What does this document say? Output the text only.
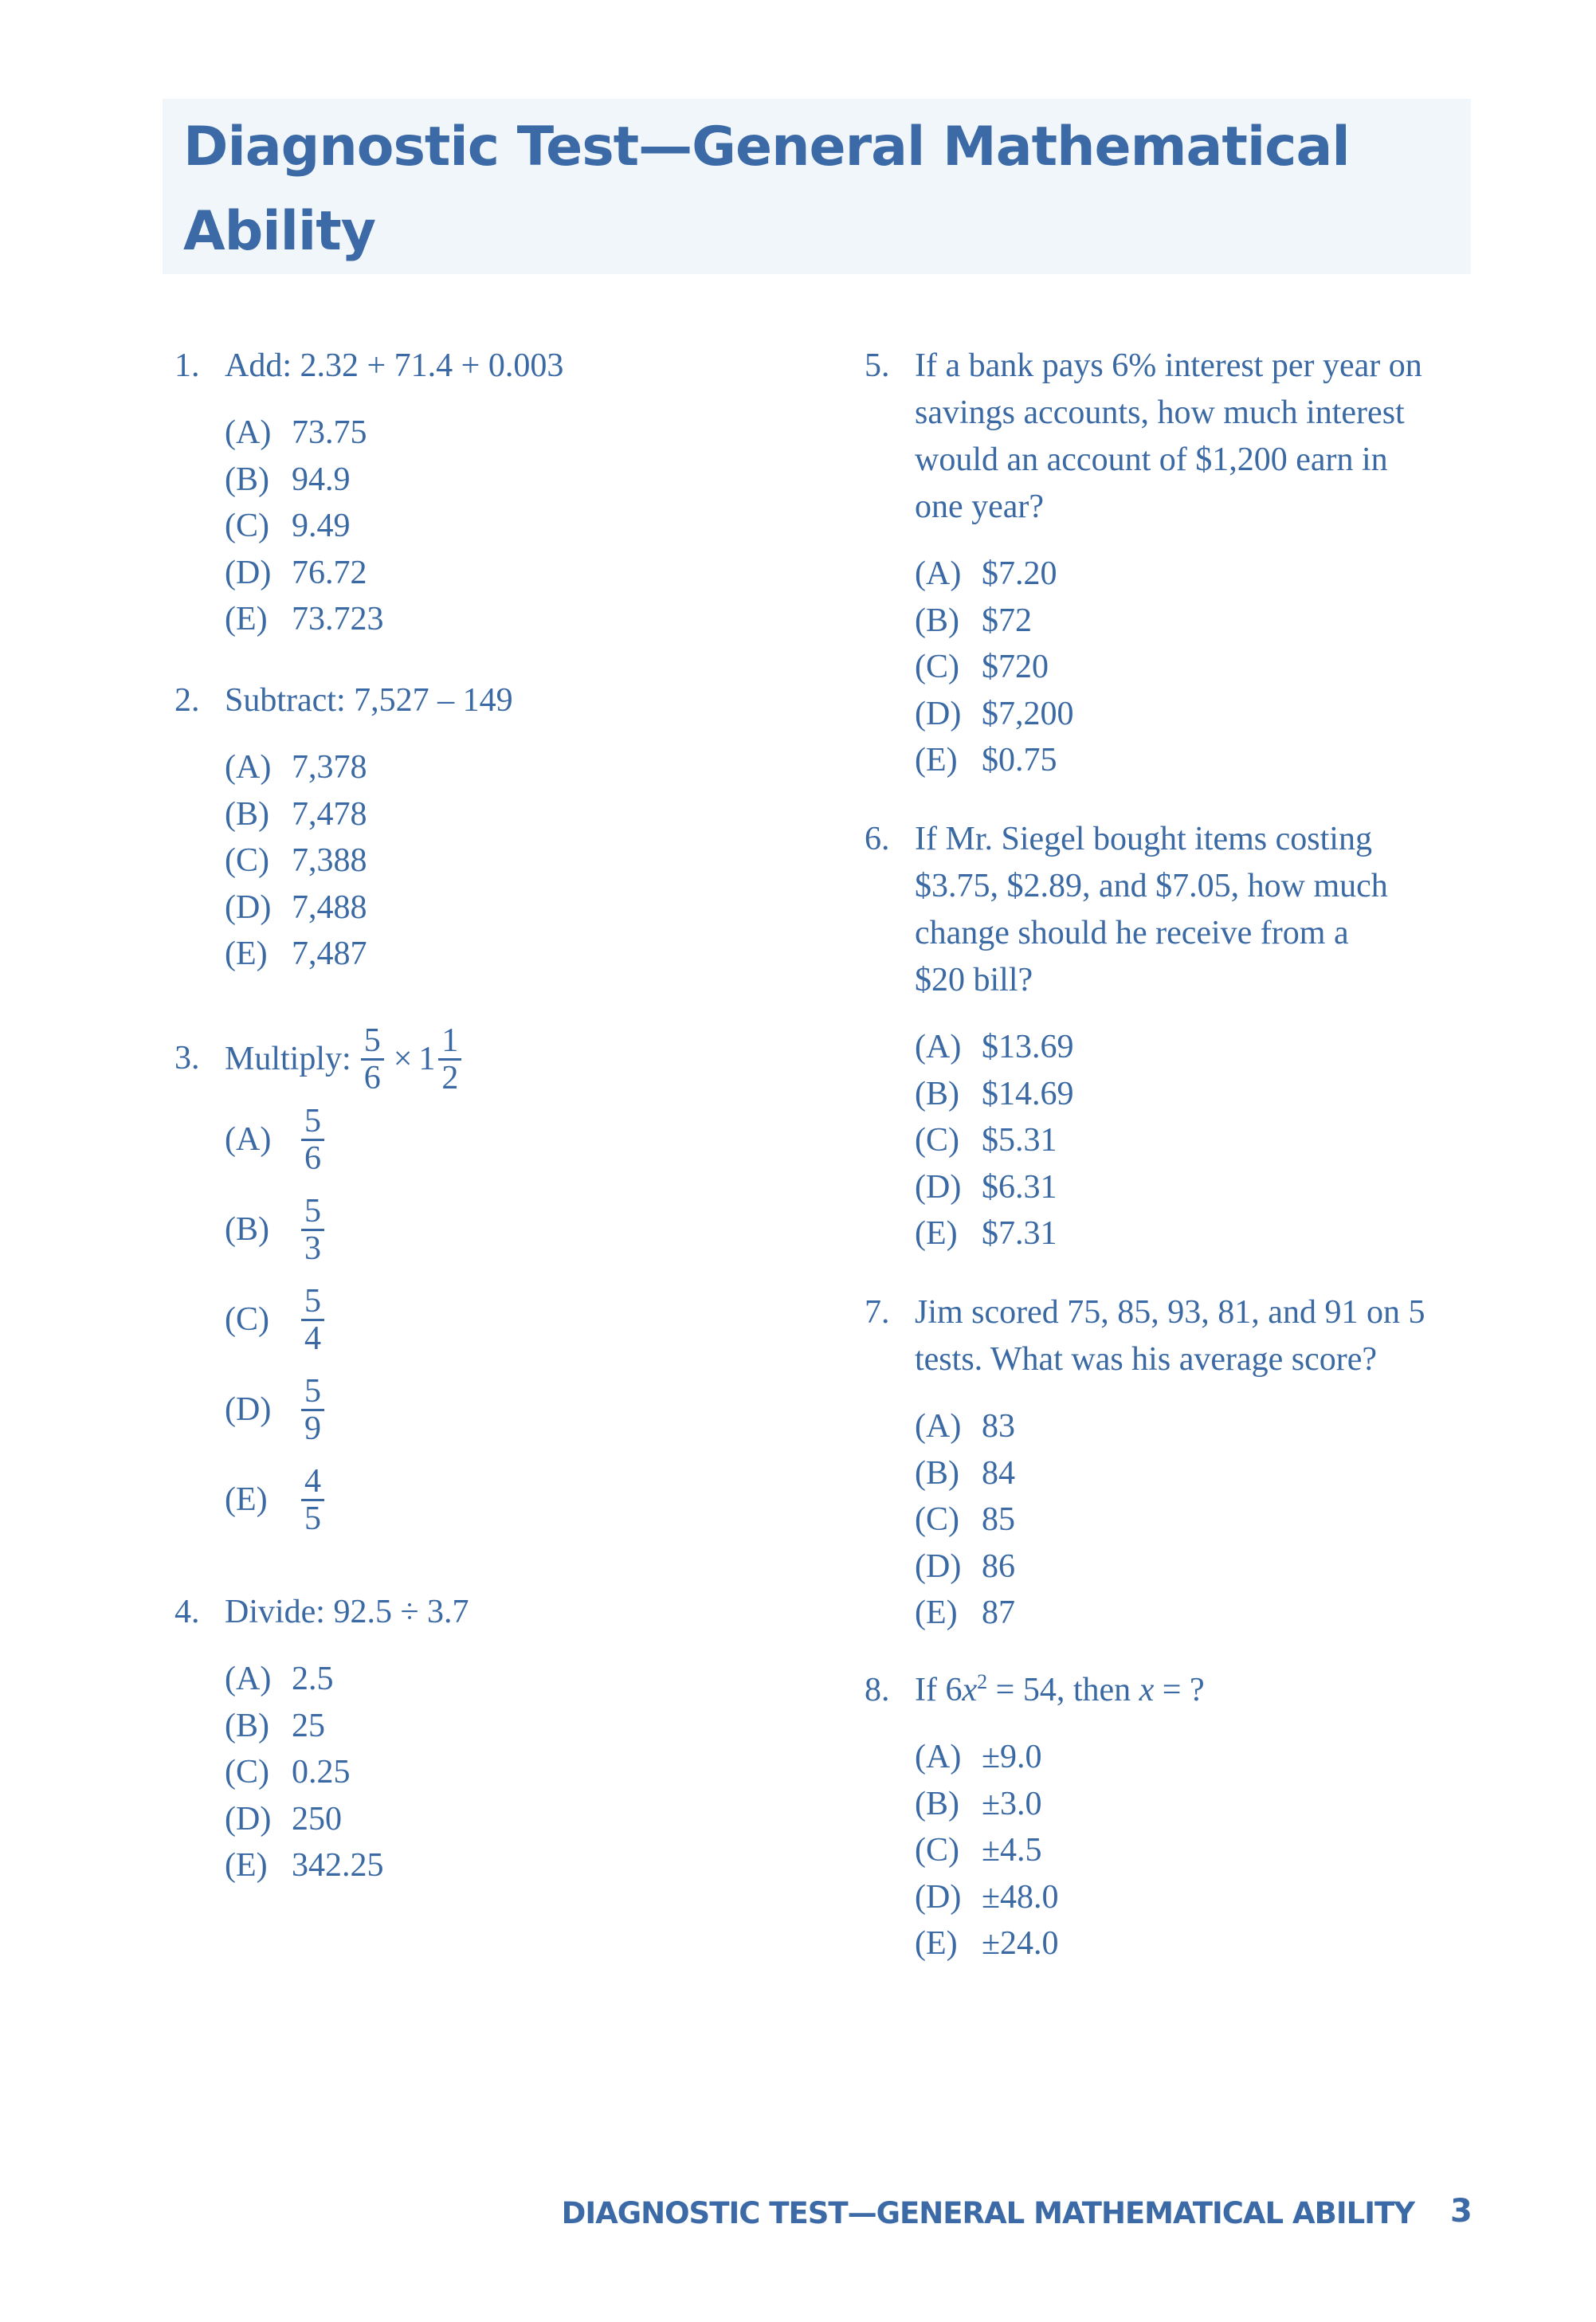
Diagnostic Test—General Mathematical
Ability
1. Add: 2.32 + 71.4 + 0.003
(A) 73.75
(B) 94.9
(C) 9.49
(D) 76.72
(E) 73.723
2. Subtract: 7,527 – 149
(A) 7,378
(B) 7,478
(C) 7,388
(D) 7,488
(E) 7,487
3. Multiply: $\frac{5}{6} \times 1 \frac{1}{2}$
$(A) \frac{5}{6}$
$(B) \frac{5}{3}$
$(C) \frac{5}{4}$
$(D) \frac{5}{9}$
(E)	$\frac{4}{5}$
4. Divide: 92.5 ÷ 3.7
(A) 2.5
(B) 25
(C) 0.25
(D) 250
(E) 342.25
5. If a bank pays 6% interest per year on
savings accounts, how much interest
would an account of $1,200 earn in
one year?
(A) $7.20
(B) $72
(C) $720
(D) $7,200
(E) $0.75
6. If Mr. Siegel bought items costing
$3.75, $2.89, and $7.05, how much
change should he receive from a
$20 bill?
(A) $13.69
(B) $14.69
(C) $5.31
(D) $6.31
(E) $7.31
7. Jim scored 75, 85, 93, 81, and 91 on 5
tests. What was his average score?
(A) 83
(B) 84
(C) 85
(D) 86
(E) 87
8. If $6x^2 = 54$, then x = ?
(A) ±9.0
(B) ±3.0
(C) ±4.5
(D) ±48.0
(E) ±24.0
DIAGNOSTIC TEST—GENERAL MATHEMATICAL ABILITY 3
